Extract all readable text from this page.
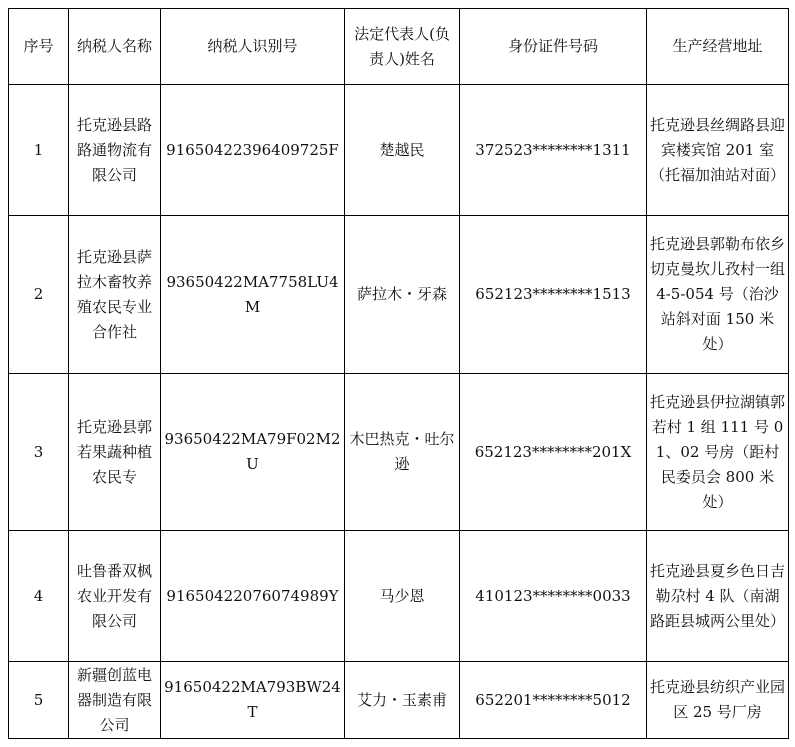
序号	纳税人名称	纳税人识别号	法定代表人(负责人)姓名	身份证件号码	生产经营地址
1	托克逊县路路通物流有限公司	91650422396409725F	楚越民	372523********1311	托克逊县丝绸路县迎宾楼宾馆 201 室（托福加油站对面）
2	托克逊县萨拉木畜牧养殖农民专业合作社	93650422MA7758LU4M	萨拉木・牙森	652123********1513	托克逊县郭勒布依乡切克曼坎儿孜村一组 4-5-054 号（治沙站斜对面 150 米处）
3	托克逊县郭若果蔬种植农民专	93650422MA79F02M2U	木巴热克・吐尔逊	652123********201X	托克逊县伊拉湖镇郭若村 1 组 111 号 01、02 号房（距村民委员会 800 米处）
4	吐鲁番双枫农业开发有限公司	91650422076074989Y	马少恩	410123********0033	托克逊县夏乡色日吉勒尕村 4 队（南湖路距县城两公里处）
5	新疆创蓝电器制造有限公司	91650422MA793BW24T	艾力・玉素甫	652201********5012	托克逊县纺织产业园区 25 号厂房
